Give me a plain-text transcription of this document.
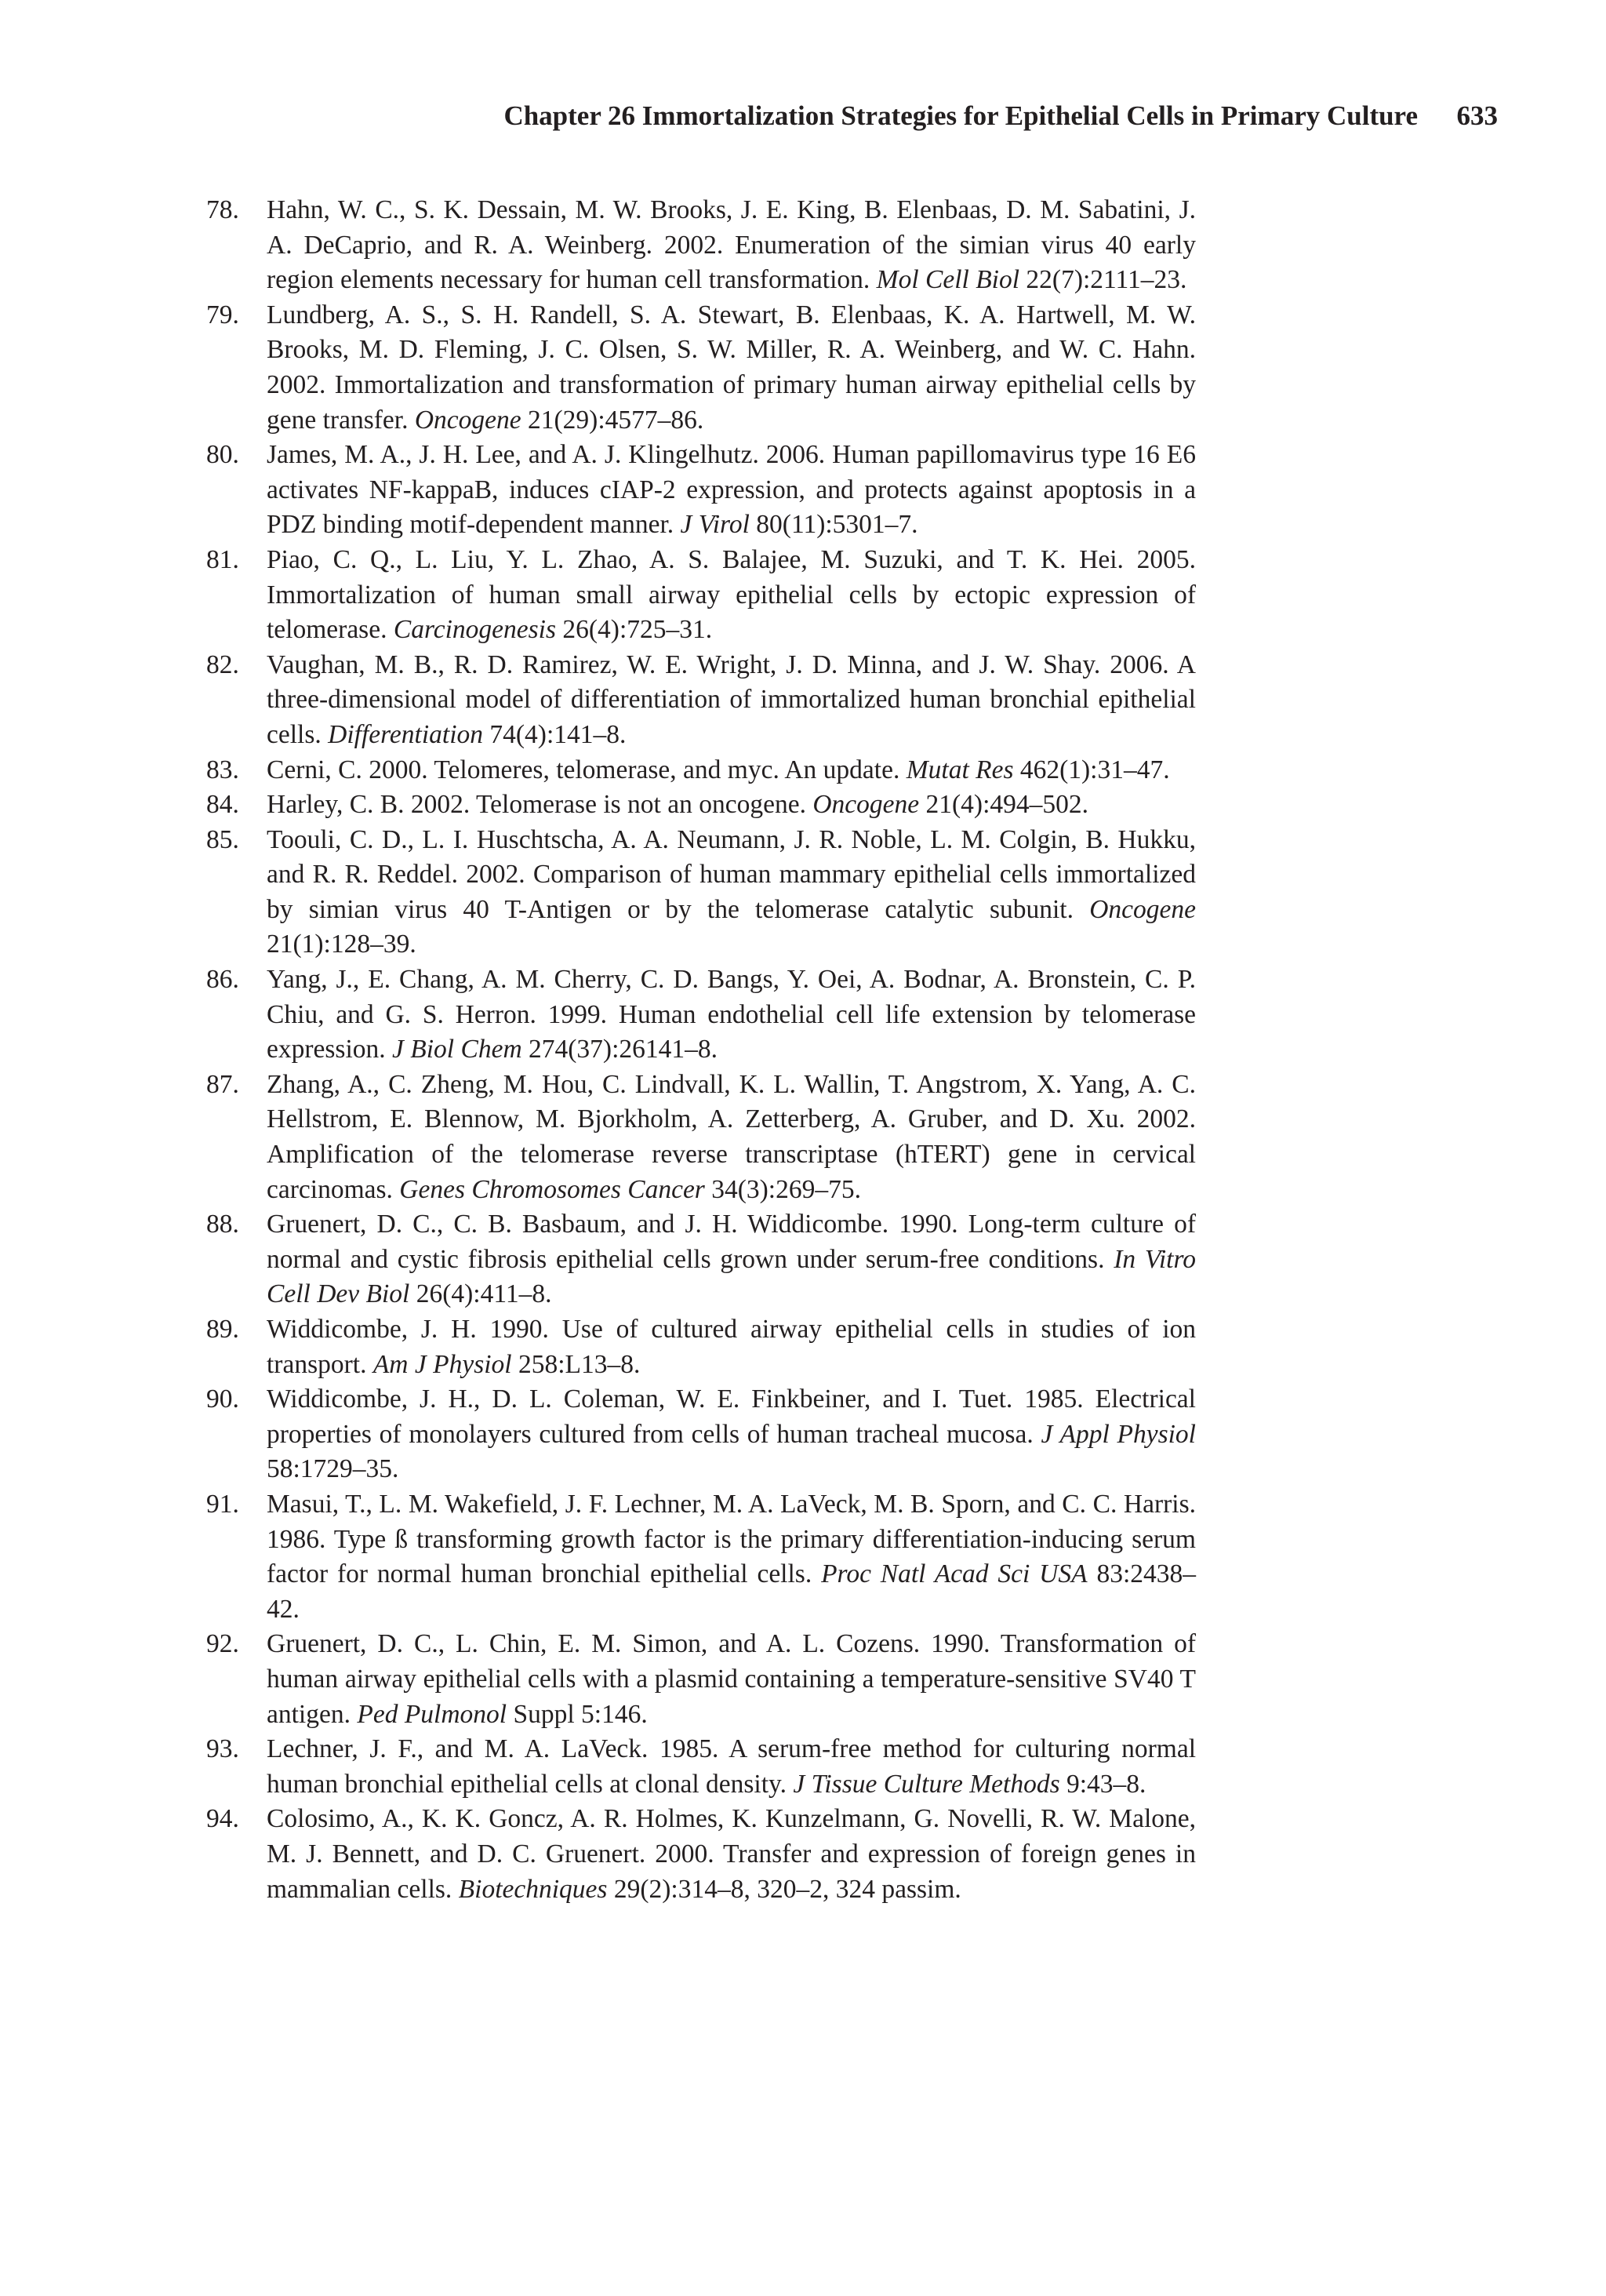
Chapter 26 Immortalization Strategies for Epithelial Cells in Primary Culture 633
78.	Hahn, W. C., S. K. Dessain, M. W. Brooks, J. E. King, B. Elenbaas, D. M. Sabatini, J. A. DeCaprio, and R. A. Weinberg. 2002. Enumeration of the simian virus 40 early region elements necessary for human cell transformation. Mol Cell Biol 22(7):2111–23.
79.	Lundberg, A. S., S. H. Randell, S. A. Stewart, B. Elenbaas, K. A. Hartwell, M. W. Brooks, M. D. Fleming, J. C. Olsen, S. W. Miller, R. A. Weinberg, and W. C. Hahn. 2002. Immortalization and transformation of primary human airway epithelial cells by gene transfer. Oncogene 21(29):4577–86.
80.	James, M. A., J. H. Lee, and A. J. Klingelhutz. 2006. Human papillomavirus type 16 E6 activates NF-kappaB, induces cIAP-2 expression, and protects against apoptosis in a PDZ binding motif-dependent manner. J Virol 80(11):5301–7.
81.	Piao, C. Q., L. Liu, Y. L. Zhao, A. S. Balajee, M. Suzuki, and T. K. Hei. 2005. Immortalization of human small airway epithelial cells by ectopic expression of telomerase. Carcinogenesis 26(4):725–31.
82.	Vaughan, M. B., R. D. Ramirez, W. E. Wright, J. D. Minna, and J. W. Shay. 2006. A three-dimensional model of differentiation of immortalized human bronchial epithelial cells. Differentiation 74(4):141–8.
83.	Cerni, C. 2000. Telomeres, telomerase, and myc. An update. Mutat Res 462(1):31–47.
84.	Harley, C. B. 2002. Telomerase is not an oncogene. Oncogene 21(4):494–502.
85.	Toouli, C. D., L. I. Huschtscha, A. A. Neumann, J. R. Noble, L. M. Colgin, B. Hukku, and R. R. Reddel. 2002. Comparison of human mammary epithelial cells immortalized by simian virus 40 T-Antigen or by the telomerase catalytic subunit. Oncogene 21(1):128–39.
86.	Yang, J., E. Chang, A. M. Cherry, C. D. Bangs, Y. Oei, A. Bodnar, A. Bronstein, C. P. Chiu, and G. S. Herron. 1999. Human endothelial cell life extension by telomerase expression. J Biol Chem 274(37):26141–8.
87.	Zhang, A., C. Zheng, M. Hou, C. Lindvall, K. L. Wallin, T. Angstrom, X. Yang, A. C. Hellstrom, E. Blennow, M. Bjorkholm, A. Zetterberg, A. Gruber, and D. Xu. 2002. Amplification of the telomerase reverse transcriptase (hTERT) gene in cervical carcinomas. Genes Chromosomes Cancer 34(3):269–75.
88.	Gruenert, D. C., C. B. Basbaum, and J. H. Widdicombe. 1990. Long-term culture of normal and cystic fibrosis epithelial cells grown under serum-free conditions. In Vitro Cell Dev Biol 26(4):411–8.
89.	Widdicombe, J. H. 1990. Use of cultured airway epithelial cells in studies of ion transport. Am J Physiol 258:L13–8.
90.	Widdicombe, J. H., D. L. Coleman, W. E. Finkbeiner, and I. Tuet. 1985. Electrical properties of monolayers cultured from cells of human tracheal mucosa. J Appl Physiol 58:1729–35.
91.	Masui, T., L. M. Wakefield, J. F. Lechner, M. A. LaVeck, M. B. Sporn, and C. C. Harris. 1986. Type ß transforming growth factor is the primary differentiation-inducing serum factor for normal human bronchial epithelial cells. Proc Natl Acad Sci USA 83:2438–42.
92.	Gruenert, D. C., L. Chin, E. M. Simon, and A. L. Cozens. 1990. Transformation of human airway epithelial cells with a plasmid containing a temperature-sensitive SV40 T antigen. Ped Pulmonol Suppl 5:146.
93.	Lechner, J. F., and M. A. LaVeck. 1985. A serum-free method for culturing normal human bronchial epithelial cells at clonal density. J Tissue Culture Methods 9:43–8.
94.	Colosimo, A., K. K. Goncz, A. R. Holmes, K. Kunzelmann, G. Novelli, R. W. Malone, M. J. Bennett, and D. C. Gruenert. 2000. Transfer and expression of foreign genes in mammalian cells. Biotechniques 29(2):314–8, 320–2, 324 passim.
